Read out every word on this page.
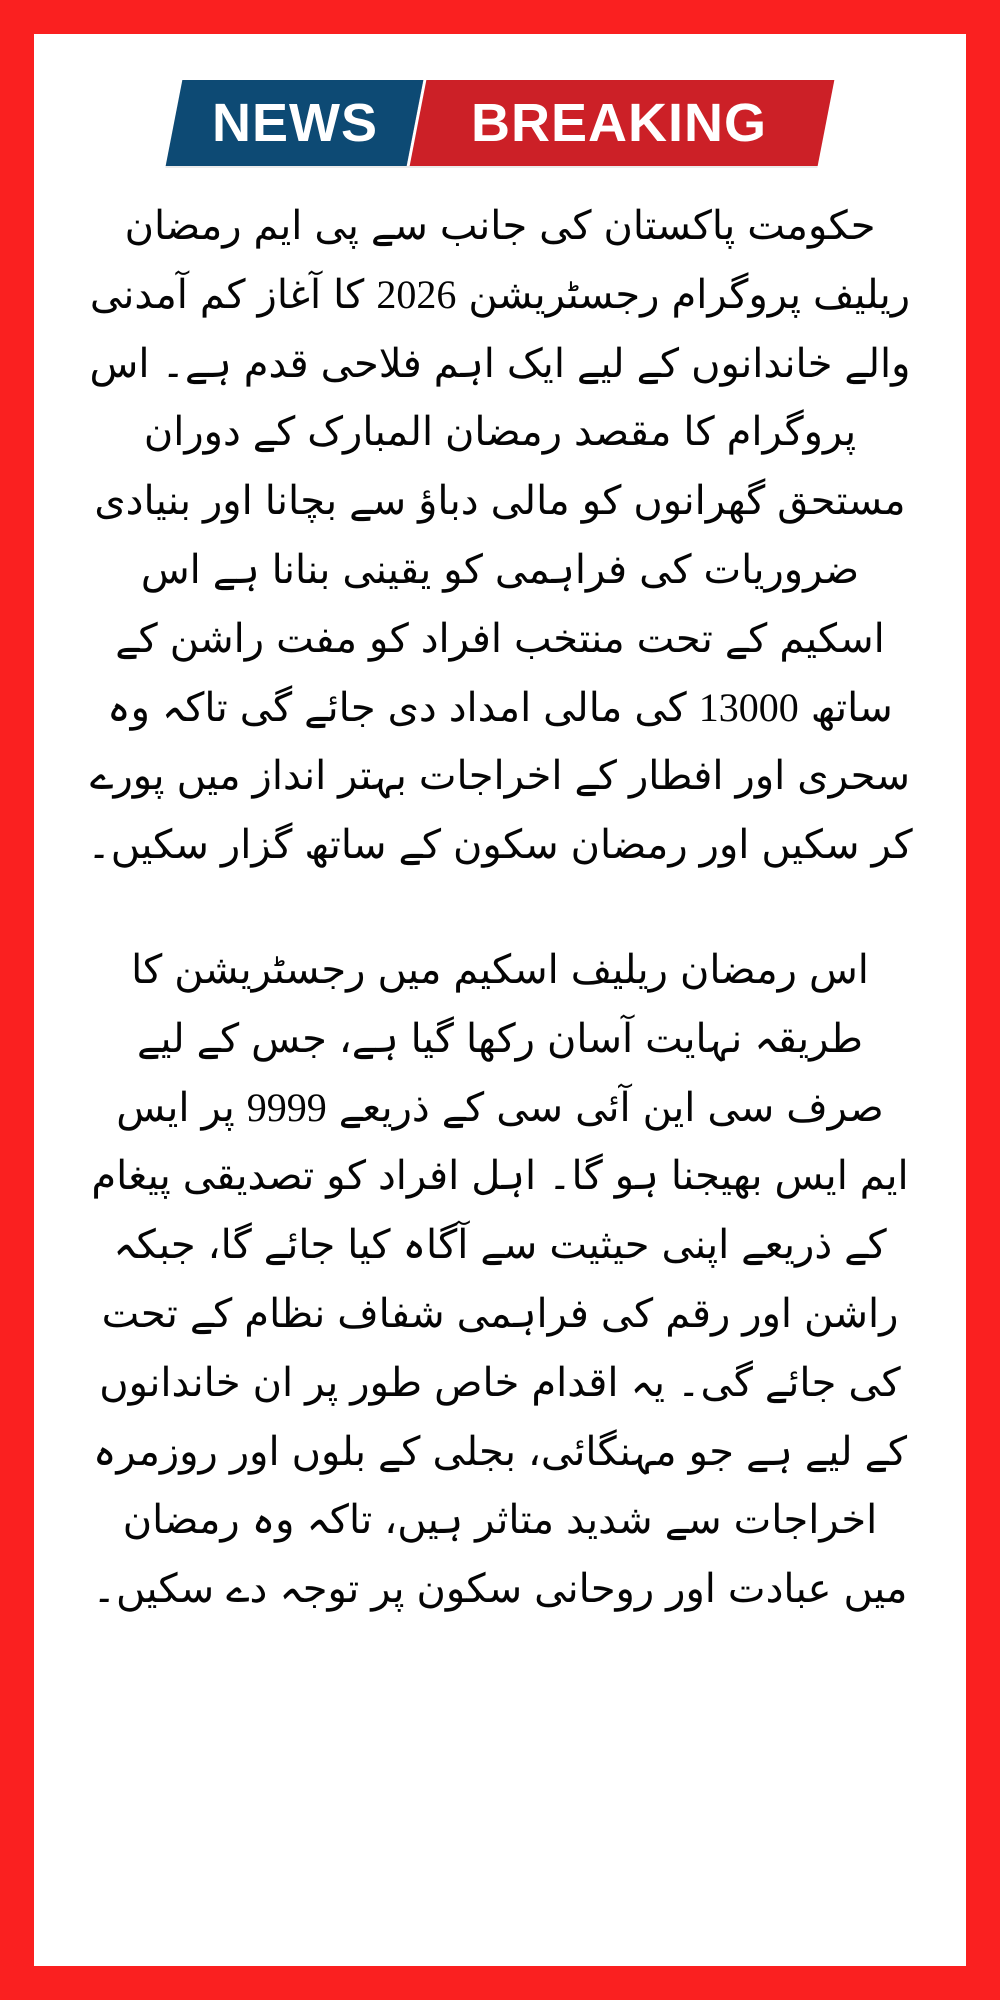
BREAKING
NEWS

حکومت پاکستان کی جانب سے پی ایم رمضان ریلیف پروگرام رجسٹریشن 2026 کا آغاز کم آمدنی والے خاندانوں کے لیے ایک اہم فلاحی قدم ہے۔ اس پروگرام کا مقصد رمضان المبارک کے دوران مستحق گھرانوں کو مالی دباؤ سے بچانا اور بنیادی ضروریات کی فراہمی کو یقینی بنانا ہے اس اسکیم کے تحت منتخب افراد کو مفت راشن کے ساتھ 13000 کی مالی امداد دی جائے گی تاکہ وہ سحری اور افطار کے اخراجات بہتر انداز میں پورے کر سکیں اور رمضان سکون کے ساتھ گزار سکیں۔

اس رمضان ریلیف اسکیم میں رجسٹریشن کا طریقہ نہایت آسان رکھا گیا ہے، جس کے لیے صرف سی این آئی سی کے ذریعے 9999 پر ایس ایم ایس بھیجنا ہو گا۔ اہل افراد کو تصدیقی پیغام کے ذریعے اپنی حیثیت سے آگاہ کیا جائے گا، جبکہ راشن اور رقم کی فراہمی شفاف نظام کے تحت کی جائے گی۔ یہ اقدام خاص طور پر ان خاندانوں کے لیے ہے جو مہنگائی، بجلی کے بلوں اور روزمرہ اخراجات سے شدید متاثر ہیں، تاکہ وہ رمضان میں عبادت اور روحانی سکون پر توجہ دے سکیں۔
